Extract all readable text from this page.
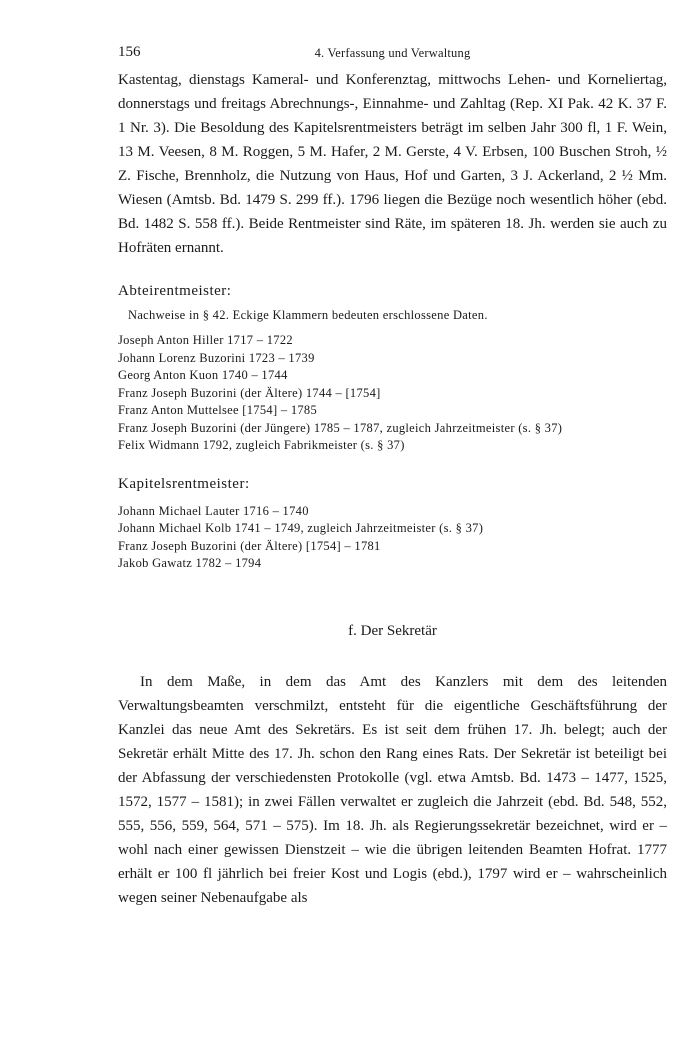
156	4. Verfassung und Verwaltung

Kastentag, dienstags Kameral- und Konferenztag, mittwochs Lehen- und Korneliertag, donnerstags und freitags Abrechnungs-, Einnahme- und Zahltag (Rep. XI Pak. 42 K. 37 F. 1 Nr. 3). Die Besoldung des Kapitelsrentmeisters beträgt im selben Jahr 300 fl, 1 F. Wein, 13 M. Veesen, 8 M. Roggen, 5 M. Hafer, 2 M. Gerste, 4 V. Erbsen, 100 Buschen Stroh, ½ Z. Fische, Brennholz, die Nutzung von Haus, Hof und Garten, 3 J. Ackerland, 2 ½ Mm. Wiesen (Amtsb. Bd. 1479 S. 299 ff.). 1796 liegen die Bezüge noch wesentlich höher (ebd. Bd. 1482 S. 558 ff.). Beide Rentmeister sind Räte, im späteren 18. Jh. werden sie auch zu Hofräten ernannt.

Abteirentmeister:
Nachweise in § 42. Eckige Klammern bedeuten erschlossene Daten.
Joseph Anton Hiller 1717 – 1722
Johann Lorenz Buzorini 1723 – 1739
Georg Anton Kuon 1740 – 1744
Franz Joseph Buzorini (der Ältere) 1744 – [1754]
Franz Anton Muttelsee [1754] – 1785
Franz Joseph Buzorini (der Jüngere) 1785 – 1787, zugleich Jahrzeitmeister (s. § 37)
Felix Widmann 1792, zugleich Fabrikmeister (s. § 37)
Kapitelsrentmeister:
Johann Michael Lauter 1716 – 1740
Johann Michael Kolb 1741 – 1749, zugleich Jahrzeitmeister (s. § 37)
Franz Joseph Buzorini (der Ältere) [1754] – 1781
Jakob Gawatz 1782 – 1794
f. Der Sekretär

In dem Maße, in dem das Amt des Kanzlers mit dem des leitenden Verwaltungsbeamten verschmilzt, entsteht für die eigentliche Geschäftsführung der Kanzlei das neue Amt des Sekretärs. Es ist seit dem frühen 17. Jh. belegt; auch der Sekretär erhält Mitte des 17. Jh. schon den Rang eines Rats. Der Sekretär ist beteiligt bei der Abfassung der verschiedensten Protokolle (vgl. etwa Amtsb. Bd. 1473 – 1477, 1525, 1572, 1577 – 1581); in zwei Fällen verwaltet er zugleich die Jahrzeit (ebd. Bd. 548, 552, 555, 556, 559, 564, 571 – 575). Im 18. Jh. als Regierungssekretär bezeichnet, wird er – wohl nach einer gewissen Dienstzeit – wie die übrigen leitenden Beamten Hofrat. 1777 erhält er 100 fl jährlich bei freier Kost und Logis (ebd.), 1797 wird er – wahrscheinlich wegen seiner Nebenaufgabe als
